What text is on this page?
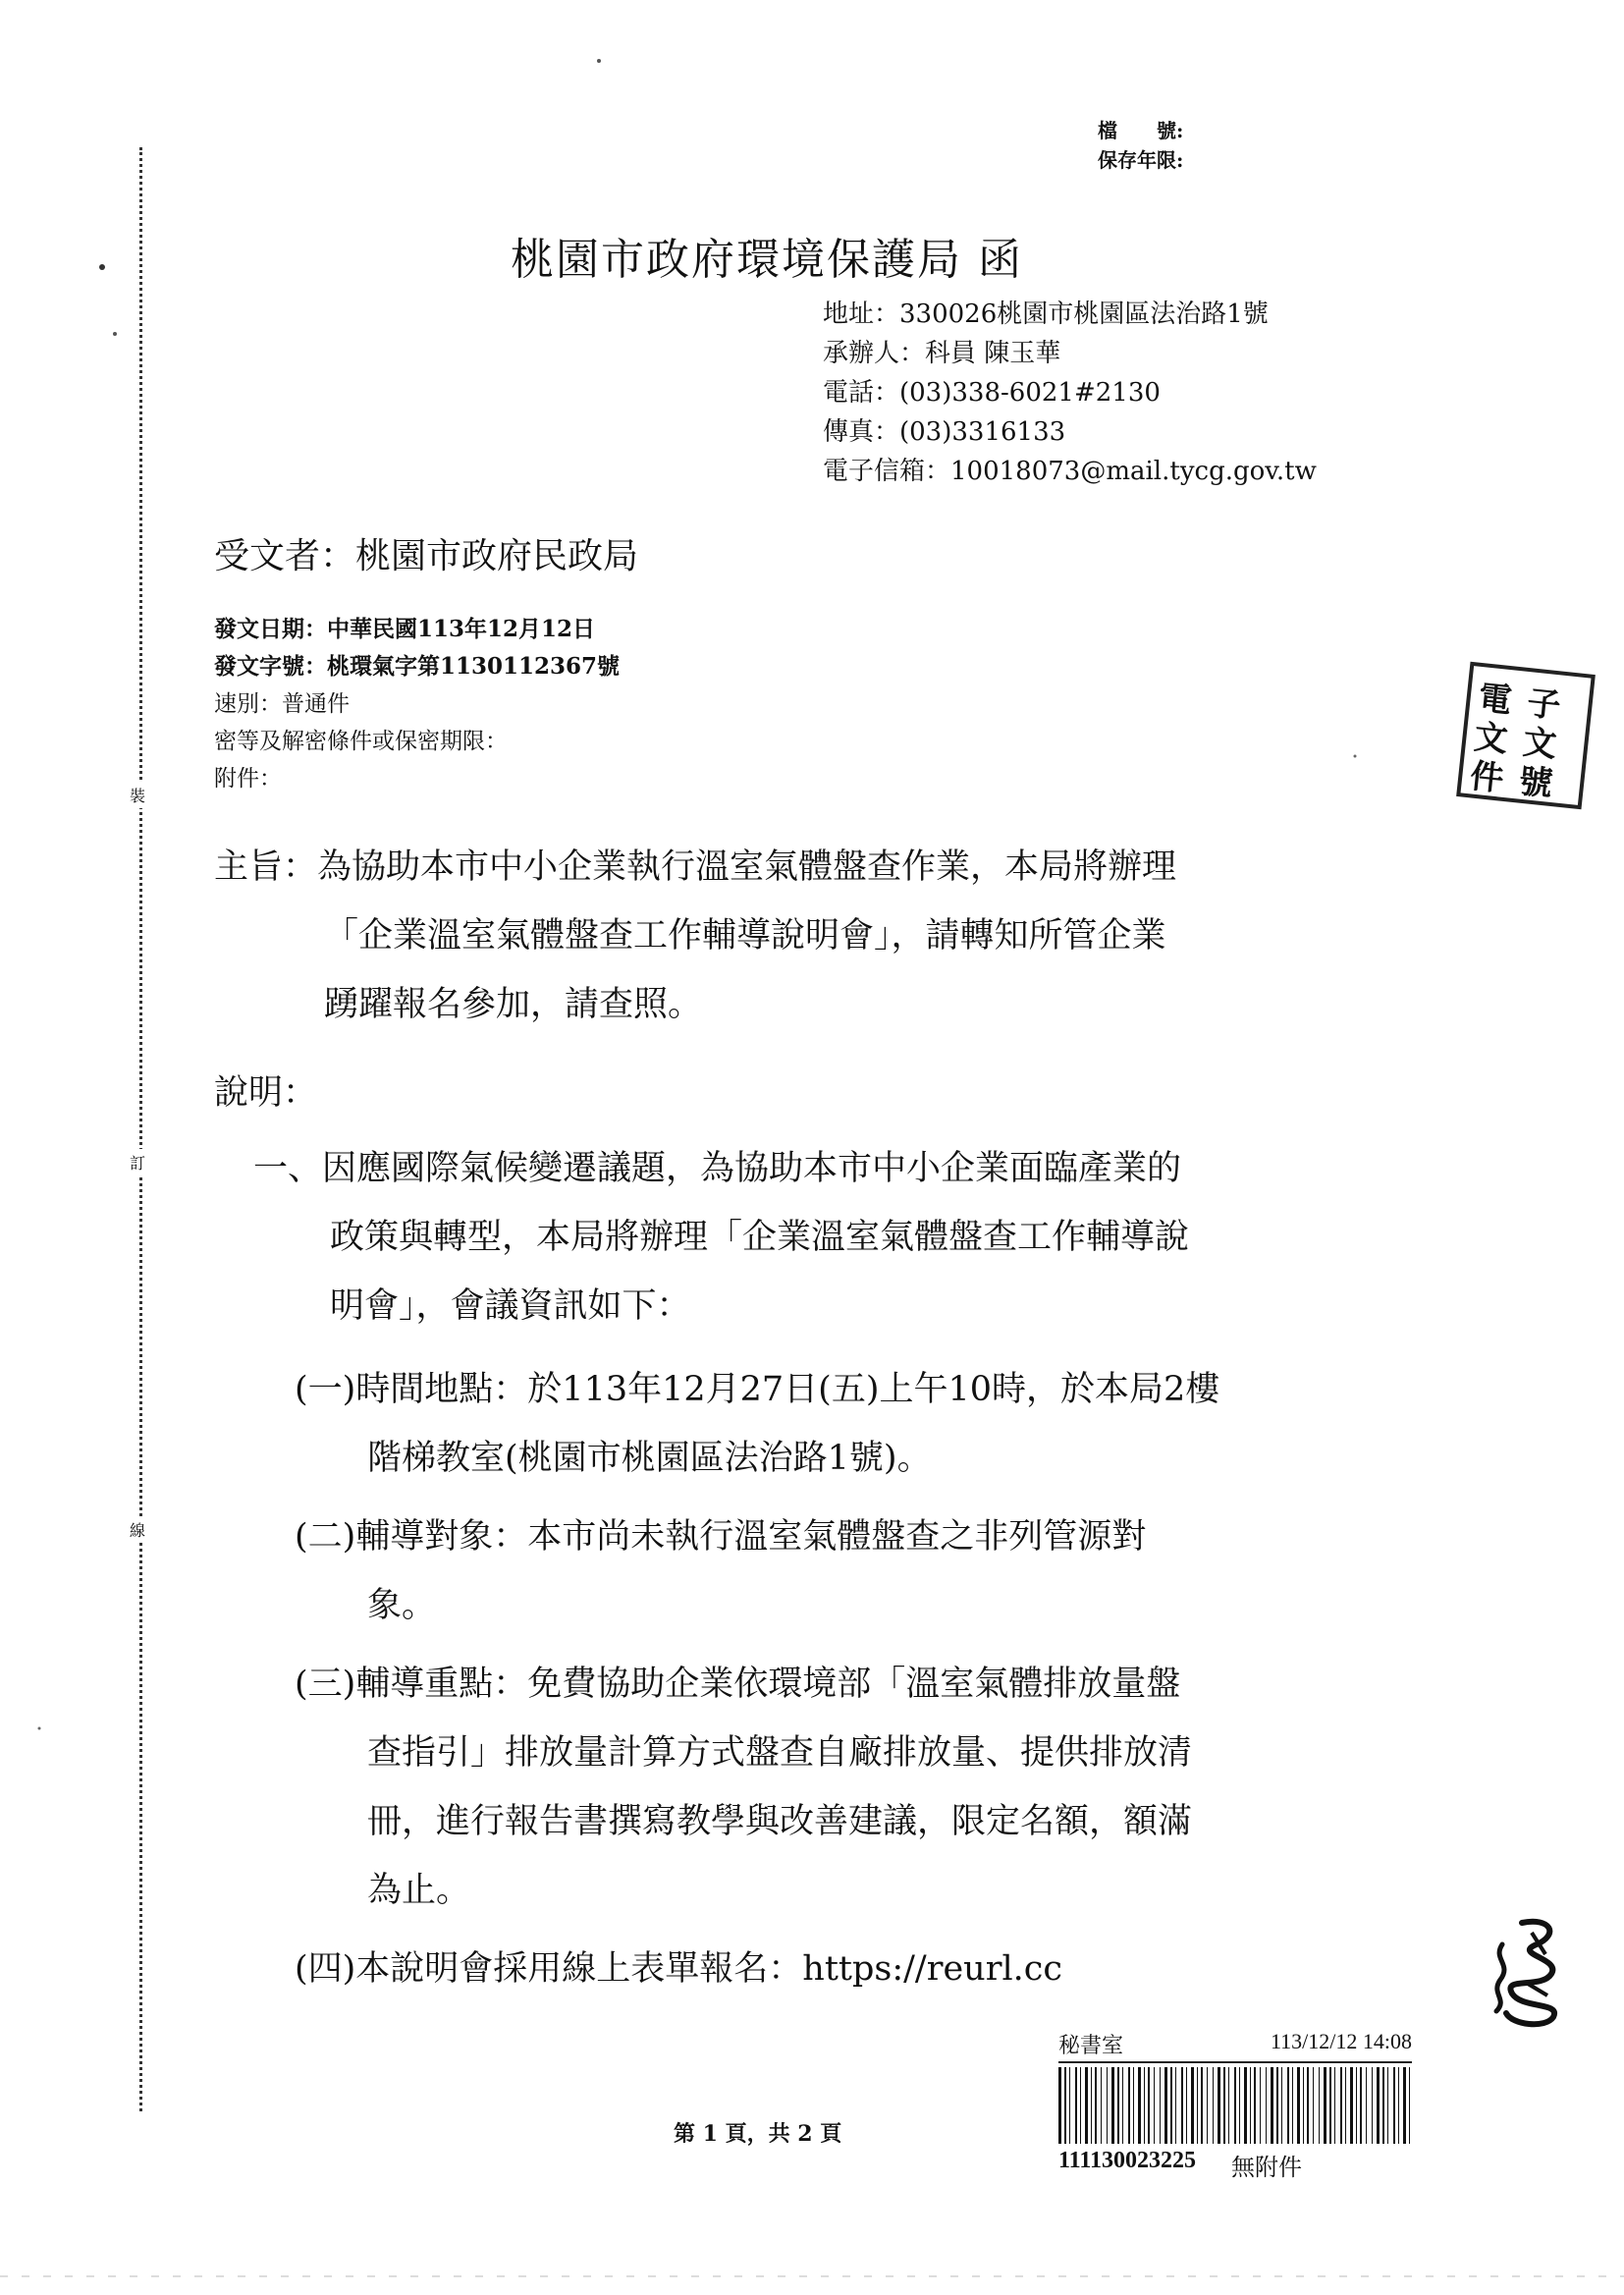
裝
訂
線
檔　　號:
保存年限:
桃園市政府環境保護局 函
地址：330026桃園市桃園區法治路1號
承辦人：科員 陳玉華
電話：(03)338-6021#2130
傳真：(03)3316133
電子信箱：10018073@mail.tycg.gov.tw
受文者：桃園市政府民政局
發文日期：中華民國113年12月12日
發文字號：桃環氣字第1130112367號
速別：普通件
密等及解密條件或保密期限：
附件：
主旨：為協助本市中小企業執行溫室氣體盤查作業，本局將辦理
「企業溫室氣體盤查工作輔導說明會」，請轉知所管企業
踴躍報名參加，請查照。
說明：
一、因應國際氣候變遷議題，為協助本市中小企業面臨產業的
政策與轉型，本局將辦理「企業溫室氣體盤查工作輔導說
明會」，會議資訊如下：
(一)時間地點：於113年12月27日(五)上午10時，於本局2樓
階梯教室(桃園市桃園區法治路1號)。
(二)輔導對象：本市尚未執行溫室氣體盤查之非列管源對
象。
(三)輔導重點：免費協助企業依環境部「溫室氣體排放量盤
查指引」排放量計算方式盤查自廠排放量、提供排放清
冊，進行報告書撰寫教學與改善建議，限定名額，額滿
為止。
(四)本說明會採用線上表單報名：https://reurl.cc
電 子
文 文
件 號
秘書室	113/12/12 14:08
111130023225 無附件
第 1 頁，共 2 頁
